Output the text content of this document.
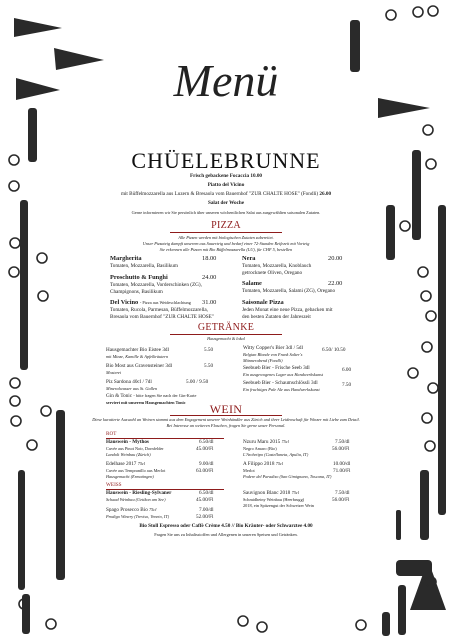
Menü
CHÜELEBRUNNE
Frisch gebackene Focaccia 10.00
Piatto del Vicino
mit Büffelmozzarella aus Luzern & Bresaola vom Bauernhof "ZUR CHALTE HOSE" (Fondli) 26.00
Salat der Woche
Gerne informieren wir Sie persönlich über unseren wöchentlichen Salat aus ausgewählten saisonalen Zutaten.
PIZZA
Alle Pizzen werden mit biologischen Zutaten zubereitet.
Unser Pizzateig dampft unserem aus Sauerteig und bedarf einer 72-Stunden Reifezeit mit Vorteig
Sie erkennen alle Pizzen mit Bio Büffelmozzarella (LU), für CHF 5, bestellen
Margherita	18.00
Tomaten, Mozzarella, Basilikum
Proschutto & Funghi	24.00
Tomaten, Mozzarella, Vorderschinken (ZG),
Champignons, Basilikum
Del Vicino - Pizza aus Weideschlachtung 31.00
Tomaten, Rucola, Parmesan, Büffelmozzarella,
Bresaola vom Bauernhof "ZUR CHALTE HOSE"
Nera	20.00
Tomaten, Mozzarella, Knoblauch
getrocknete Oliven, Oregano
Salame	22.00
Tomaten, Mozzarella, Salami (ZG), Oregano
Saisonale Pizza
Jeden Monat eine neue Pizza, gebacken mit
den besten Zutaten der Jahreszeit
GETRÄNKE
Hausgemacht & lokal
Hausgemachter Bio Eistee 3dl	5.50
mit Minze, Kamille & Apfelkräutern
Bio Most aus Gravensteiner 3dl	5.50
Mosterei
Piz Sardona 40cl / 7dl	5.00 / 9.50
Mineralwasser aus St. Gallen
Gin & Tonic - bitte fragen Sie nach der Gin-Karte
serviert mit unserem Hausgemachten Tonic
Witty Copper's Bier 3dl / 5dl	6.50/ 10.50
Belgian Blonde von Frank Salter's
Männerabend (Fondli)
Seebueb Bier - Frische Seeb 3dl	6.00
Ein ausgewogenes Lager aus Handwerkskunst
Seebueb Bier - Schaumschlössli 3dl	7.50
Ein fruchtiges Pale Ale aus Handwerkskunst
WEIN
Diese kuratierte Auswahl an Weinen stammt aus dem Engagement unserer Weinhändler aus Zürich und ihrer Leidenschaft für Winzer mit Liebe zum Detail.
Bei Interesse an weiteren Flaschen, fragen Sie gerne unser Personal.
ROT
Hauswein - Mythos	6.50/dl
45.00/Fl
Cuvée aus Pinot Noir, Dornfelder
Landolt Weinbau (Zürich)
Edelhase 2017 75cl	9.00/dl
63.00/Fl
Cuvée aus Tempranillo aus Merlot
Hausgemacht (Ermatingen)
Nzuru Maru 2015 75cl	7.50/dl
56.00/Fl
Negro Amaro (Bio)
L'Archetipo (Castellaneta, Apulia, IT)
A Filippo 2018 75cl	10.00/dl
71.00/Fl
Merlot
Podere del Paradiso (San Gimignano, Toscana, IT)
WEISS
Hauswein - Riesling-Sylvaner	6.50/dl
45.00/Fl
Schaad Weinbau (Uetikon am See)
Spago Prosecco Bio 75cl	7.00/dl
52.00/Fl
Prodigo Winery (Treviso, Veneto, IT)
Sauvignon Blanc 2018 75cl	7.50/dl
56.00/Fl
Schmidheiny Weinbau (Heerbrugg)
2018, ein Spitzengut der Schweizer Wein
Bio Stoll Espresso oder Caffè Crème 4.50 // Bio Kräuter- oder Schwarztee 4.00
Fragen Sie uns zu Inhaltsstoffen und Allergenen in unseren Speisen und Getränken.
